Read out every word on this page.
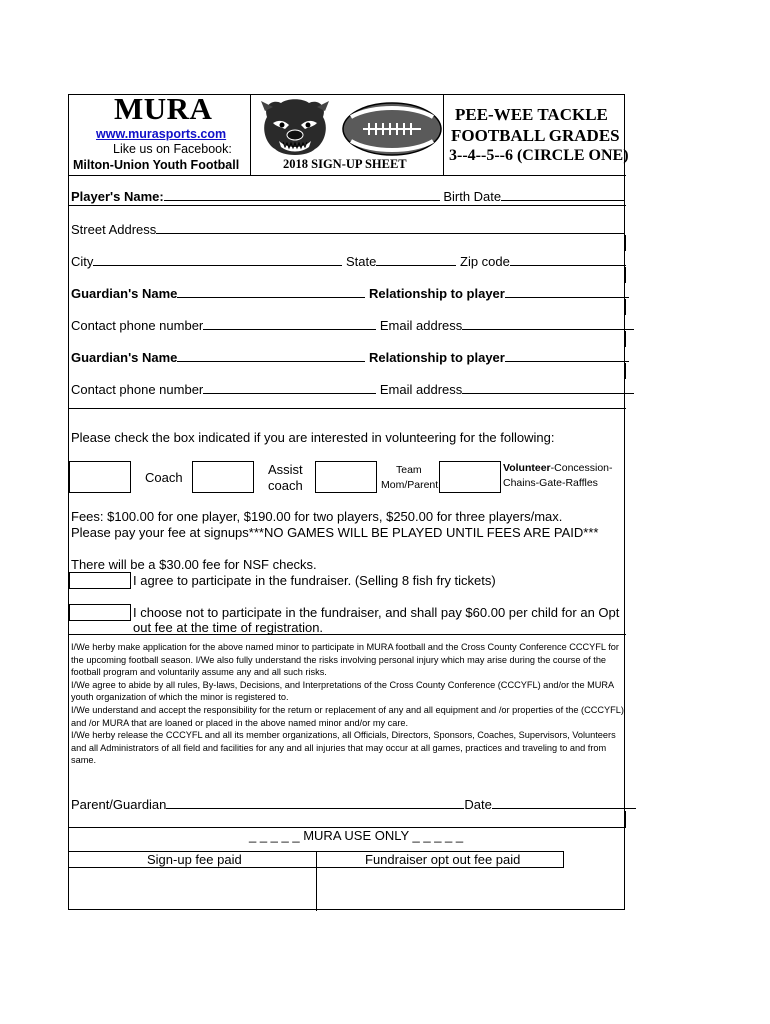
MURA
www.murasports.com
Like us on Facebook:
Milton-Union Youth Football	2018 SIGN-UP SHEET
PEE-WEE TACKLE
FOOTBALL GRADES
3--4--5--6 (CIRCLE ONE)
Player's Name:	Birth Date
Street Address
City	State	Zip code
Guardian's Name	Relationship to player
Contact phone number	Email address
Guardian's Name	Relationship to player
Contact phone number	Email address
Please check the box indicated if you are interested in volunteering for the following:
Coach
Assist
coach
Team
Mom/Parent
Volunteer-Concession-
Chains-Gate-Raffles
Fees: $100.00 for one player, $190.00 for two players, $250.00 for three players/max.
Please pay your fee at signups***NO GAMES WILL BE PLAYED UNTIL FEES ARE PAID***
There will be a $30.00 fee for NSF checks.
I agree to participate in the fundraiser. (Selling 8 fish fry tickets)
I choose not to participate in the fundraiser, and shall pay $60.00 per child for an Opt
out fee at the time of registration.

I/We herby make application for the above named minor to participate in MURA football and the Cross County Conference CCCYFL for the upcoming football season. I/We also fully understand the risks involving personal injury which may arise during the course of the football program and voluntarily assume any and all such risks.

I/We agree to abide by all rules, By-laws, Decisions, and Interpretations of the Cross County Conference (CCCYFL) and/or the MURA youth organization of which the minor is registered to.

I/We understand and accept the responsibility for the return or replacement of any and all equipment and /or properties of the (CCCYFL) and /or MURA that are loaned or placed in the above named minor and/or my care.

I/We herby release the CCCYFL and all its member organizations, all Officials, Directors, Sponsors, Coaches, Supervisors, Volunteers and all Administrators of all field and facilities for any and all injuries that may occur at all games, practices and traveling to and from same.

Parent/Guardian	Date
_ _ _ _ _ MURA USE ONLY _ _ _ _ _
Sign-up fee paid	Fundraiser opt out fee paid
